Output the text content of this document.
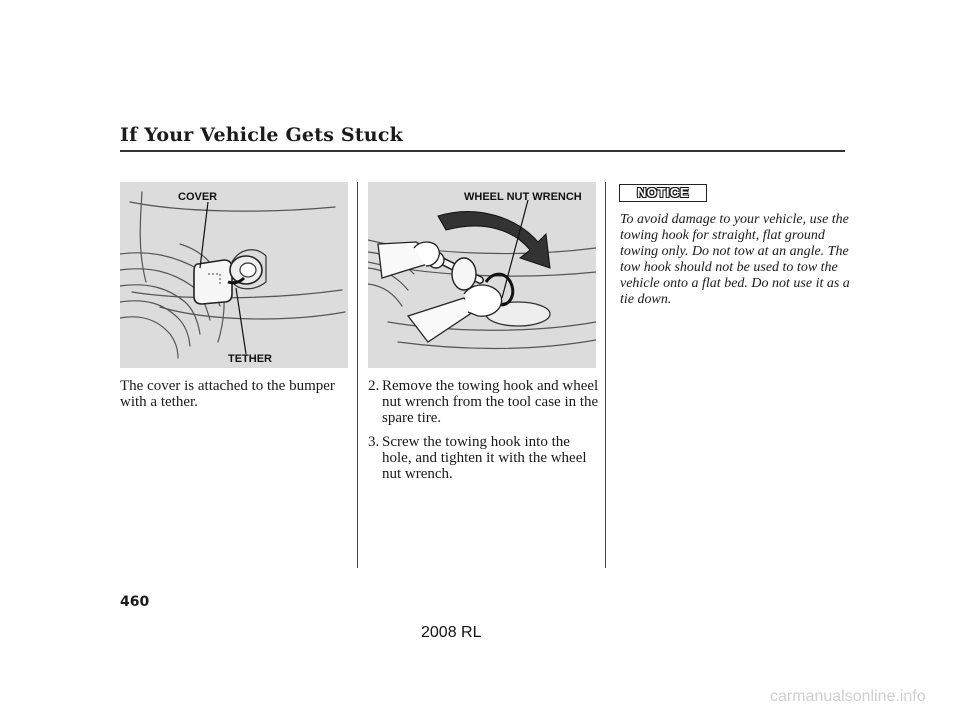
If Your Vehicle Gets Stuck
COVER
TETHER
WHEEL NUT WRENCH

The cover is attached to the bumper with a tether.

2. Remove the towing hook and wheel nut wrench from the tool case in the spare tire.
3. Screw the towing hook into the hole, and tighten it with the wheel nut wrench.
NOTICE

To avoid damage to your vehicle, use the towing hook for straight, flat ground towing only. Do not tow at an angle. The tow hook should not be used to tow the vehicle onto a flat bed. Do not use it as a tie down.

460
2008 RL
carmanualsonline.info
